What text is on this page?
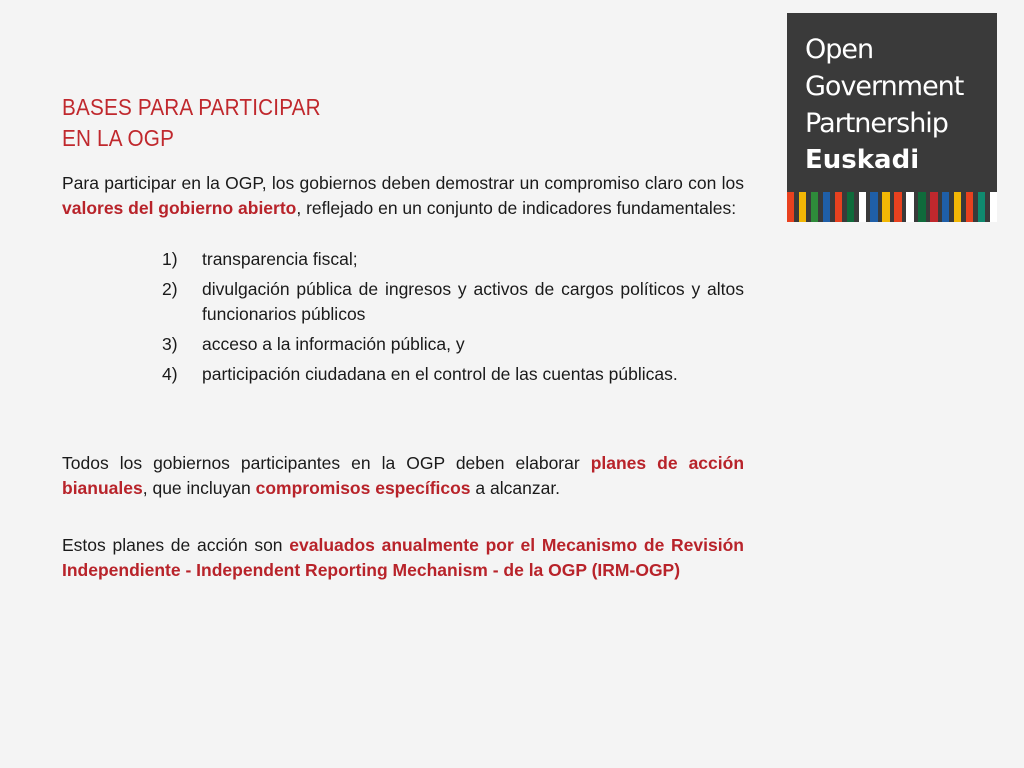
BASES PARA PARTICIPAR
EN LA OGP

Para participar en la OGP, los gobiernos deben demostrar un compromiso claro con los valores del gobierno abierto, reflejado en un conjunto de indicadores fundamentales:

1) transparencia fiscal;
2) divulgación pública de ingresos y activos de cargos políticos y altos funcionarios públicos
3) acceso a la información pública, y
4) participación ciudadana en el control de las cuentas públicas.

Todos los gobiernos participantes en la OGP deben elaborar planes de acción bianuales, que incluyan compromisos específicos a alcanzar.

Estos planes de acción son evaluados anualmente por el Mecanismo de Revisión Independiente - Independent Reporting Mechanism - de la OGP (IRM-OGP)

Open
Government
Partnership
Euskadi
